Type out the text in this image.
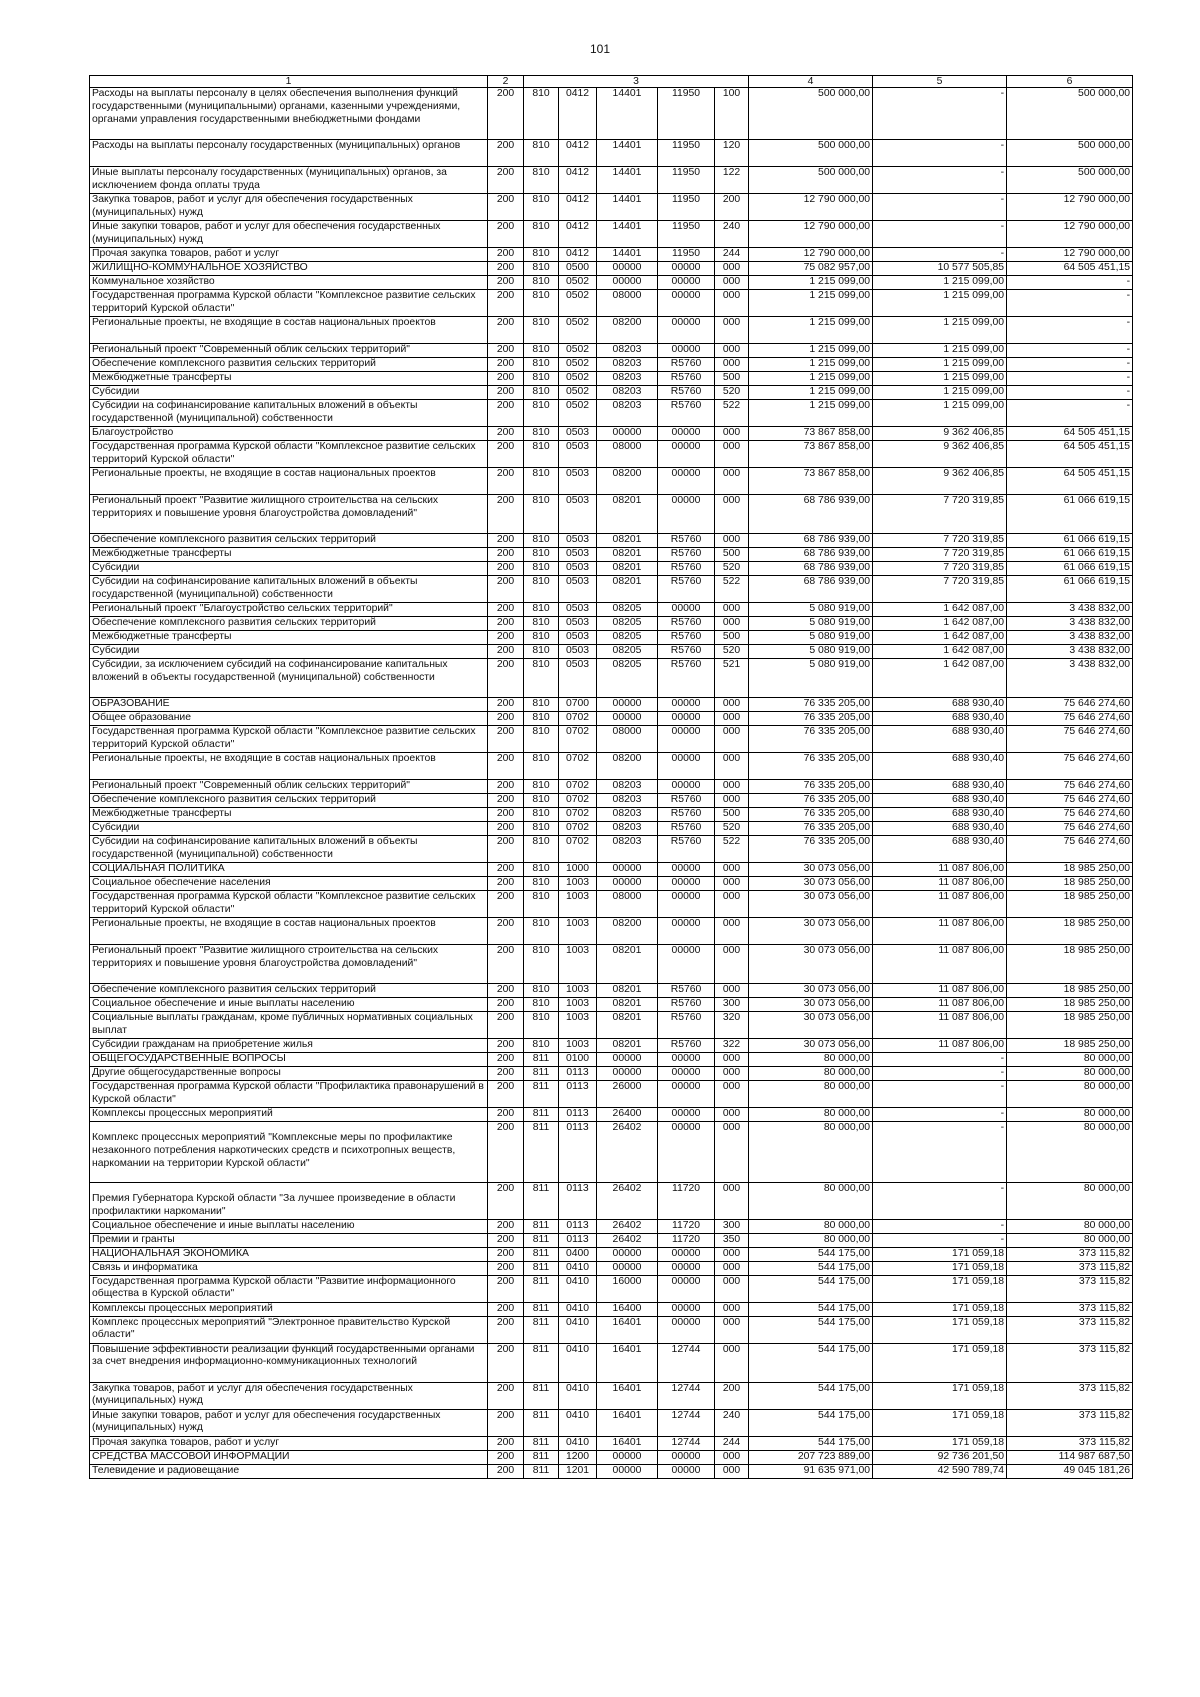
101
1	2	3					4	5	6
Расходы на выплаты персоналу в целях обеспечения выполнения функций государственными (муниципальными) органами, казенными учреждениями, органами управления государственными внебюджетными фондами	200	810	0412	14401	11950	100	500 000,00	-	500 000,00
Расходы на выплаты персоналу государственных (муниципальных) органов	200	810	0412	14401	11950	120	500 000,00	-	500 000,00
Иные выплаты персоналу государственных (муниципальных) органов, за исключением фонда оплаты труда	200	810	0412	14401	11950	122	500 000,00	-	500 000,00
Закупка товаров, работ и услуг для обеспечения государственных (муниципальных) нужд	200	810	0412	14401	11950	200	12 790 000,00	-	12 790 000,00
Иные закупки товаров, работ и услуг для обеспечения государственных (муниципальных) нужд	200	810	0412	14401	11950	240	12 790 000,00	-	12 790 000,00
Прочая закупка товаров, работ и услуг	200	810	0412	14401	11950	244	12 790 000,00	-	12 790 000,00
ЖИЛИЩНО-КОММУНАЛЬНОЕ ХОЗЯЙСТВО	200	810	0500	00000	00000	000	75 082 957,00	10 577 505,85	64 505 451,15
Коммунальное хозяйство	200	810	0502	00000	00000	000	1 215 099,00	1 215 099,00	-
Государственная программа Курской области "Комплексное развитие сельских территорий Курской области"	200	810	0502	08000	00000	000	1 215 099,00	1 215 099,00	-
Региональные проекты, не входящие в состав национальных проектов	200	810	0502	08200	00000	000	1 215 099,00	1 215 099,00	-
Региональный проект "Современный облик сельских территорий"	200	810	0502	08203	00000	000	1 215 099,00	1 215 099,00	-
Обеспечение комплексного развития сельских территорий	200	810	0502	08203	R5760	000	1 215 099,00	1 215 099,00	-
Межбюджетные трансферты	200	810	0502	08203	R5760	500	1 215 099,00	1 215 099,00	-
Субсидии	200	810	0502	08203	R5760	520	1 215 099,00	1 215 099,00	-
Субсидии на софинансирование капитальных вложений в объекты государственной (муниципальной) собственности	200	810	0502	08203	R5760	522	1 215 099,00	1 215 099,00	-
Благоустройство	200	810	0503	00000	00000	000	73 867 858,00	9 362 406,85	64 505 451,15
Государственная программа Курской области "Комплексное развитие сельских территорий Курской области"	200	810	0503	08000	00000	000	73 867 858,00	9 362 406,85	64 505 451,15
Региональные проекты, не входящие в состав национальных проектов	200	810	0503	08200	00000	000	73 867 858,00	9 362 406,85	64 505 451,15
Региональный проект "Развитие жилищного строительства на сельских территориях и повышение уровня благоустройства домовладений"	200	810	0503	08201	00000	000	68 786 939,00	7 720 319,85	61 066 619,15
Обеспечение комплексного развития сельских территорий	200	810	0503	08201	R5760	000	68 786 939,00	7 720 319,85	61 066 619,15
Межбюджетные трансферты	200	810	0503	08201	R5760	500	68 786 939,00	7 720 319,85	61 066 619,15
Субсидии	200	810	0503	08201	R5760	520	68 786 939,00	7 720 319,85	61 066 619,15
Субсидии на софинансирование капитальных вложений в объекты государственной (муниципальной) собственности	200	810	0503	08201	R5760	522	68 786 939,00	7 720 319,85	61 066 619,15
Региональный проект "Благоустройство сельских территорий"	200	810	0503	08205	00000	000	5 080 919,00	1 642 087,00	3 438 832,00
Обеспечение комплексного развития сельских территорий	200	810	0503	08205	R5760	000	5 080 919,00	1 642 087,00	3 438 832,00
Межбюджетные трансферты	200	810	0503	08205	R5760	500	5 080 919,00	1 642 087,00	3 438 832,00
Субсидии	200	810	0503	08205	R5760	520	5 080 919,00	1 642 087,00	3 438 832,00
Субсидии, за исключением субсидий на софинансирование капитальных вложений в объекты государственной (муниципальной) собственности	200	810	0503	08205	R5760	521	5 080 919,00	1 642 087,00	3 438 832,00
ОБРАЗОВАНИЕ	200	810	0700	00000	00000	000	76 335 205,00	688 930,40	75 646 274,60
Общее образование	200	810	0702	00000	00000	000	76 335 205,00	688 930,40	75 646 274,60
Государственная программа Курской области "Комплексное развитие сельских территорий Курской области"	200	810	0702	08000	00000	000	76 335 205,00	688 930,40	75 646 274,60
Региональные проекты, не входящие в состав национальных проектов	200	810	0702	08200	00000	000	76 335 205,00	688 930,40	75 646 274,60
Региональный проект "Современный облик сельских территорий"	200	810	0702	08203	00000	000	76 335 205,00	688 930,40	75 646 274,60
Обеспечение комплексного развития сельских территорий	200	810	0702	08203	R5760	000	76 335 205,00	688 930,40	75 646 274,60
Межбюджетные трансферты	200	810	0702	08203	R5760	500	76 335 205,00	688 930,40	75 646 274,60
Субсидии	200	810	0702	08203	R5760	520	76 335 205,00	688 930,40	75 646 274,60
Субсидии на софинансирование капитальных вложений в объекты государственной (муниципальной) собственности	200	810	0702	08203	R5760	522	76 335 205,00	688 930,40	75 646 274,60
СОЦИАЛЬНАЯ ПОЛИТИКА	200	810	1000	00000	00000	000	30 073 056,00	11 087 806,00	18 985 250,00
Социальное обеспечение населения	200	810	1003	00000	00000	000	30 073 056,00	11 087 806,00	18 985 250,00
Государственная программа Курской области "Комплексное развитие сельских территорий Курской области"	200	810	1003	08000	00000	000	30 073 056,00	11 087 806,00	18 985 250,00
Региональные проекты, не входящие в состав национальных проектов	200	810	1003	08200	00000	000	30 073 056,00	11 087 806,00	18 985 250,00
Региональный проект "Развитие жилищного строительства на сельских территориях и повышение уровня благоустройства домовладений"	200	810	1003	08201	00000	000	30 073 056,00	11 087 806,00	18 985 250,00
Обеспечение комплексного развития сельских территорий	200	810	1003	08201	R5760	000	30 073 056,00	11 087 806,00	18 985 250,00
Социальное обеспечение и иные выплаты населению	200	810	1003	08201	R5760	300	30 073 056,00	11 087 806,00	18 985 250,00
Социальные выплаты гражданам, кроме публичных нормативных социальных выплат	200	810	1003	08201	R5760	320	30 073 056,00	11 087 806,00	18 985 250,00
Субсидии гражданам на приобретение жилья	200	810	1003	08201	R5760	322	30 073 056,00	11 087 806,00	18 985 250,00
ОБЩЕГОСУДАРСТВЕННЫЕ ВОПРОСЫ	200	811	0100	00000	00000	000	80 000,00	-	80 000,00
Другие общегосударственные вопросы	200	811	0113	00000	00000	000	80 000,00	-	80 000,00
Государственная программа Курской области "Профилактика правонарушений в Курской области"	200	811	0113	26000	00000	000	80 000,00	-	80 000,00
Комплексы процессных мероприятий	200	811	0113	26400	00000	000	80 000,00	-	80 000,00
Комплекс процессных мероприятий "Комплексные меры по профилактике незаконного потребления наркотических средств и психотропных веществ, наркомании на территории Курской области"	200	811	0113	26402	00000	000	80 000,00	-	80 000,00
Премия Губернатора Курской области "За лучшее произведение в области профилактики наркомании"	200	811	0113	26402	11720	000	80 000,00	-	80 000,00
Социальное обеспечение и иные выплаты населению	200	811	0113	26402	11720	300	80 000,00	-	80 000,00
Премии и гранты	200	811	0113	26402	11720	350	80 000,00	-	80 000,00
НАЦИОНАЛЬНАЯ ЭКОНОМИКА	200	811	0400	00000	00000	000	544 175,00	171 059,18	373 115,82
Связь и информатика	200	811	0410	00000	00000	000	544 175,00	171 059,18	373 115,82
Государственная программа Курской области "Развитие информационного общества в Курской области"	200	811	0410	16000	00000	000	544 175,00	171 059,18	373 115,82
Комплексы процессных мероприятий	200	811	0410	16400	00000	000	544 175,00	171 059,18	373 115,82
Комплекс процессных мероприятий "Электронное правительство Курской области"	200	811	0410	16401	00000	000	544 175,00	171 059,18	373 115,82
Повышение эффективности реализации функций государственными органами за счет внедрения информационно-коммуникационных технологий	200	811	0410	16401	12744	000	544 175,00	171 059,18	373 115,82
Закупка товаров, работ и услуг для обеспечения государственных (муниципальных) нужд	200	811	0410	16401	12744	200	544 175,00	171 059,18	373 115,82
Иные закупки товаров, работ и услуг для обеспечения государственных (муниципальных) нужд	200	811	0410	16401	12744	240	544 175,00	171 059,18	373 115,82
Прочая закупка товаров, работ и услуг	200	811	0410	16401	12744	244	544 175,00	171 059,18	373 115,82
СРЕДСТВА МАССОВОЙ ИНФОРМАЦИИ	200	811	1200	00000	00000	000	207 723 889,00	92 736 201,50	114 987 687,50
Телевидение и радиовещание	200	811	1201	00000	00000	000	91 635 971,00	42 590 789,74	49 045 181,26
